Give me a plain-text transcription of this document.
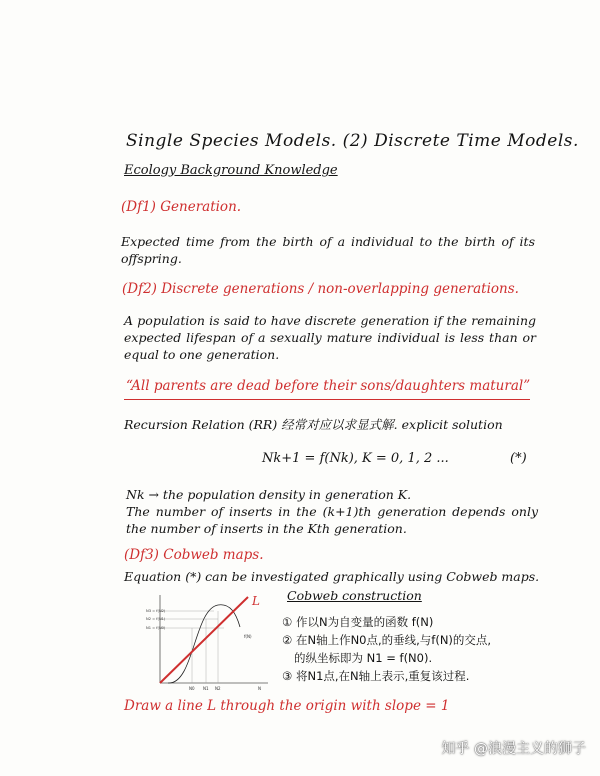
Single Species Models. (2) Discrete Time Models.
Ecology Background Knowledge
(Df1) Generation.
Expected time from the birth of a individual to the birth of its offspring.
(Df2) Discrete generations / non-overlapping generations.
A population is said to have discrete generation if the remaining expected lifespan of a sexually mature individual is less than or equal to one generation.
“All parents are dead before their sons/daughters matural”
Recursion Relation (RR) 经常对应以求显式解. explicit solution
Nk+1 = f(Nk), K = 0, 1, 2 ...	(*)
Nk → the population density in generation K.
The number of inserts in the (k+1)th generation depends only the number of inserts in the Kth generation.
(Df3) Cobweb maps.
Equation (*) can be investigated graphically using Cobweb maps.
N3 = f(N2)
N2 = f(N1)
N1 = f(N0)
N0 N1 N2	N
f(N)
L Cobweb construction
① 作以N为自变量的函数 f(N)
② 在N轴上作N0点,的垂线,与f(N)的交点,
的纵坐标即为 N1 = f(N0).
③ 将N1点,在N轴上表示,重复该过程.
Draw a line L through the origin with slope = 1
知乎 @浪漫主义的狮子
